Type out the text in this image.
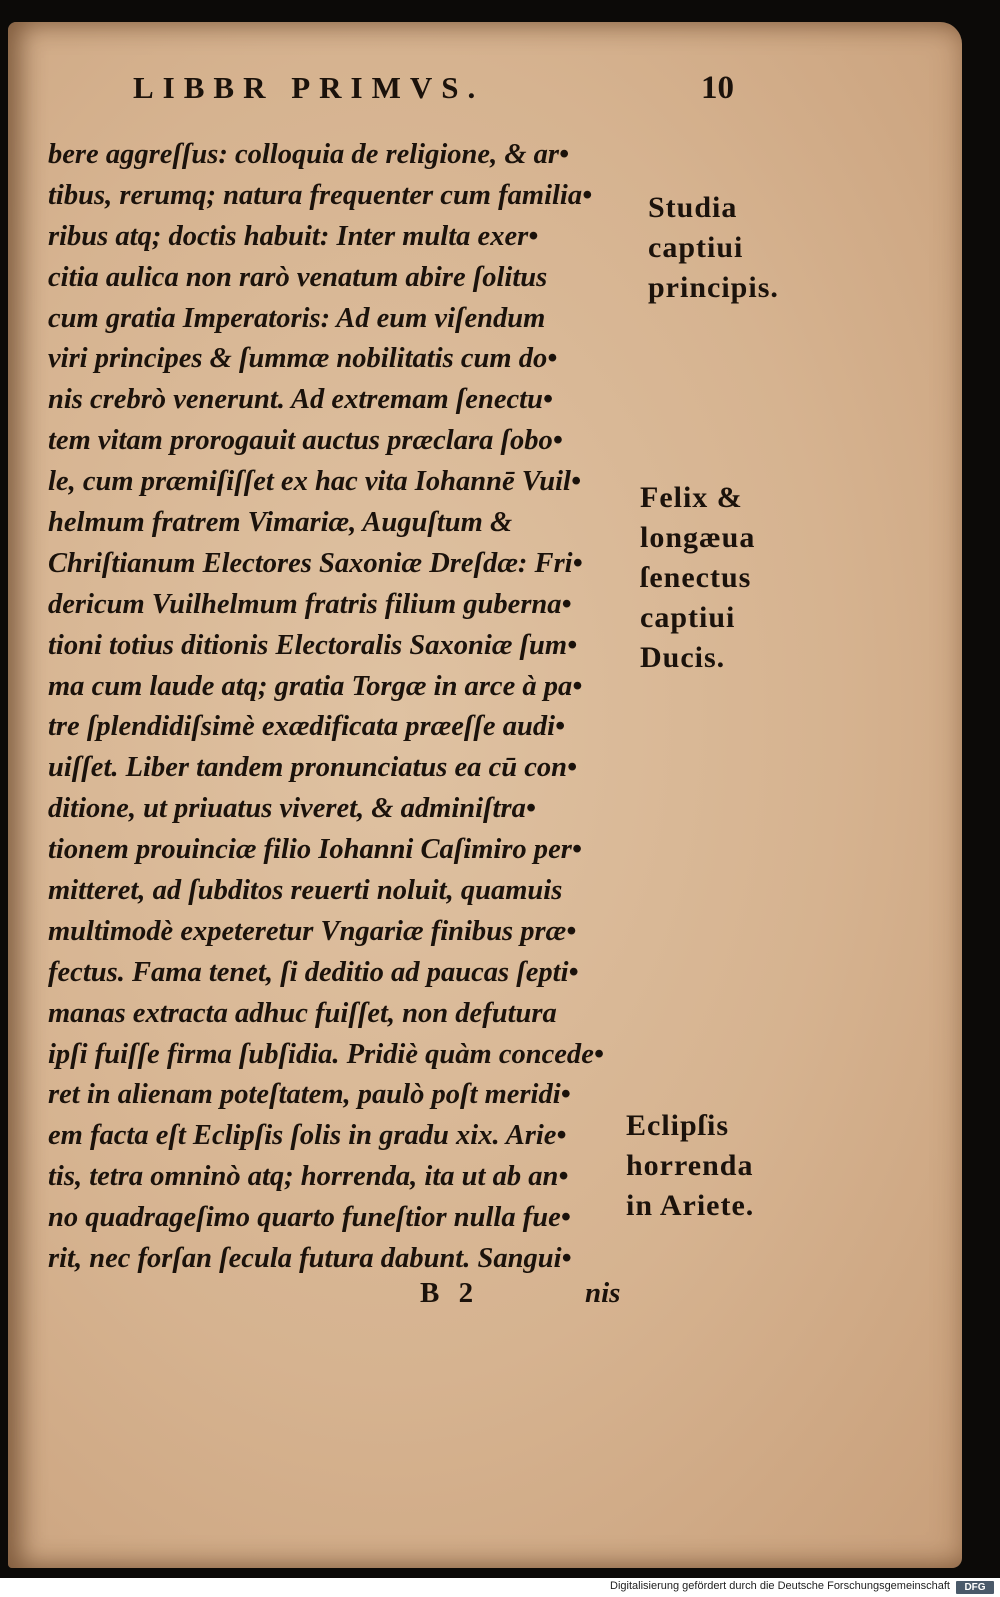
LIBBR PRIMVS.	10
bere aggreſſus: colloquia de religione, & ar•
tibus, rerumq; natura frequenter cum familia•
ribus atq; doctis habuit: Inter multa exer•
citia aulica non rarò venatum abire ſolitus
cum gratia Imperatoris: Ad eum viſendum
viri principes & ſummæ nobilitatis cum do•
nis crebrò venerunt. Ad extremam ſenectu•
tem vitam prorogauit auctus præclara ſobo•
le, cum præmiſiſſet ex hac vita Iohannē Vuil•
helmum fratrem Vimariæ, Auguſtum &
Chriſtianum Electores Saxoniæ Dreſdæ: Fri•
dericum Vuilhelmum fratris filium guberna•
tioni totius ditionis Electoralis Saxoniæ ſum•
ma cum laude atq; gratia Torgæ in arce à pa•
tre ſplendidiſsimè exædificata præeſſe audi•
uiſſet. Liber tandem pronunciatus ea cū con•
ditione, ut priuatus viveret, & adminiſtra•
tionem prouinciæ filio Iohanni Caſimiro per•
mitteret, ad ſubditos reuerti noluit, quamuis
multimodè expeteretur Vngariæ finibus præ•
fectus. Fama tenet, ſi deditio ad paucas ſepti•
manas extracta adhuc fuiſſet, non defutura
ipſi fuiſſe firma ſubſidia. Pridiè quàm concede•
ret in alienam poteſtatem, paulò poſt meridi•
em facta eſt Eclipſis ſolis in gradu xix. Arie•
tis, tetra omninò atq; horrenda, ita ut ab an•
no quadrageſimo quarto funeſtior nulla fue•
rit, nec forſan ſecula futura dabunt. Sangui•
Studia
captiui
principis.
Felix &
longæua
ſenectus
captiui
Ducis.
Eclipſis
horrenda
in Ariete.
B 2	nis
Digitalisierung gefördert durch die Deutsche Forschungsgemeinschaft	DFG
